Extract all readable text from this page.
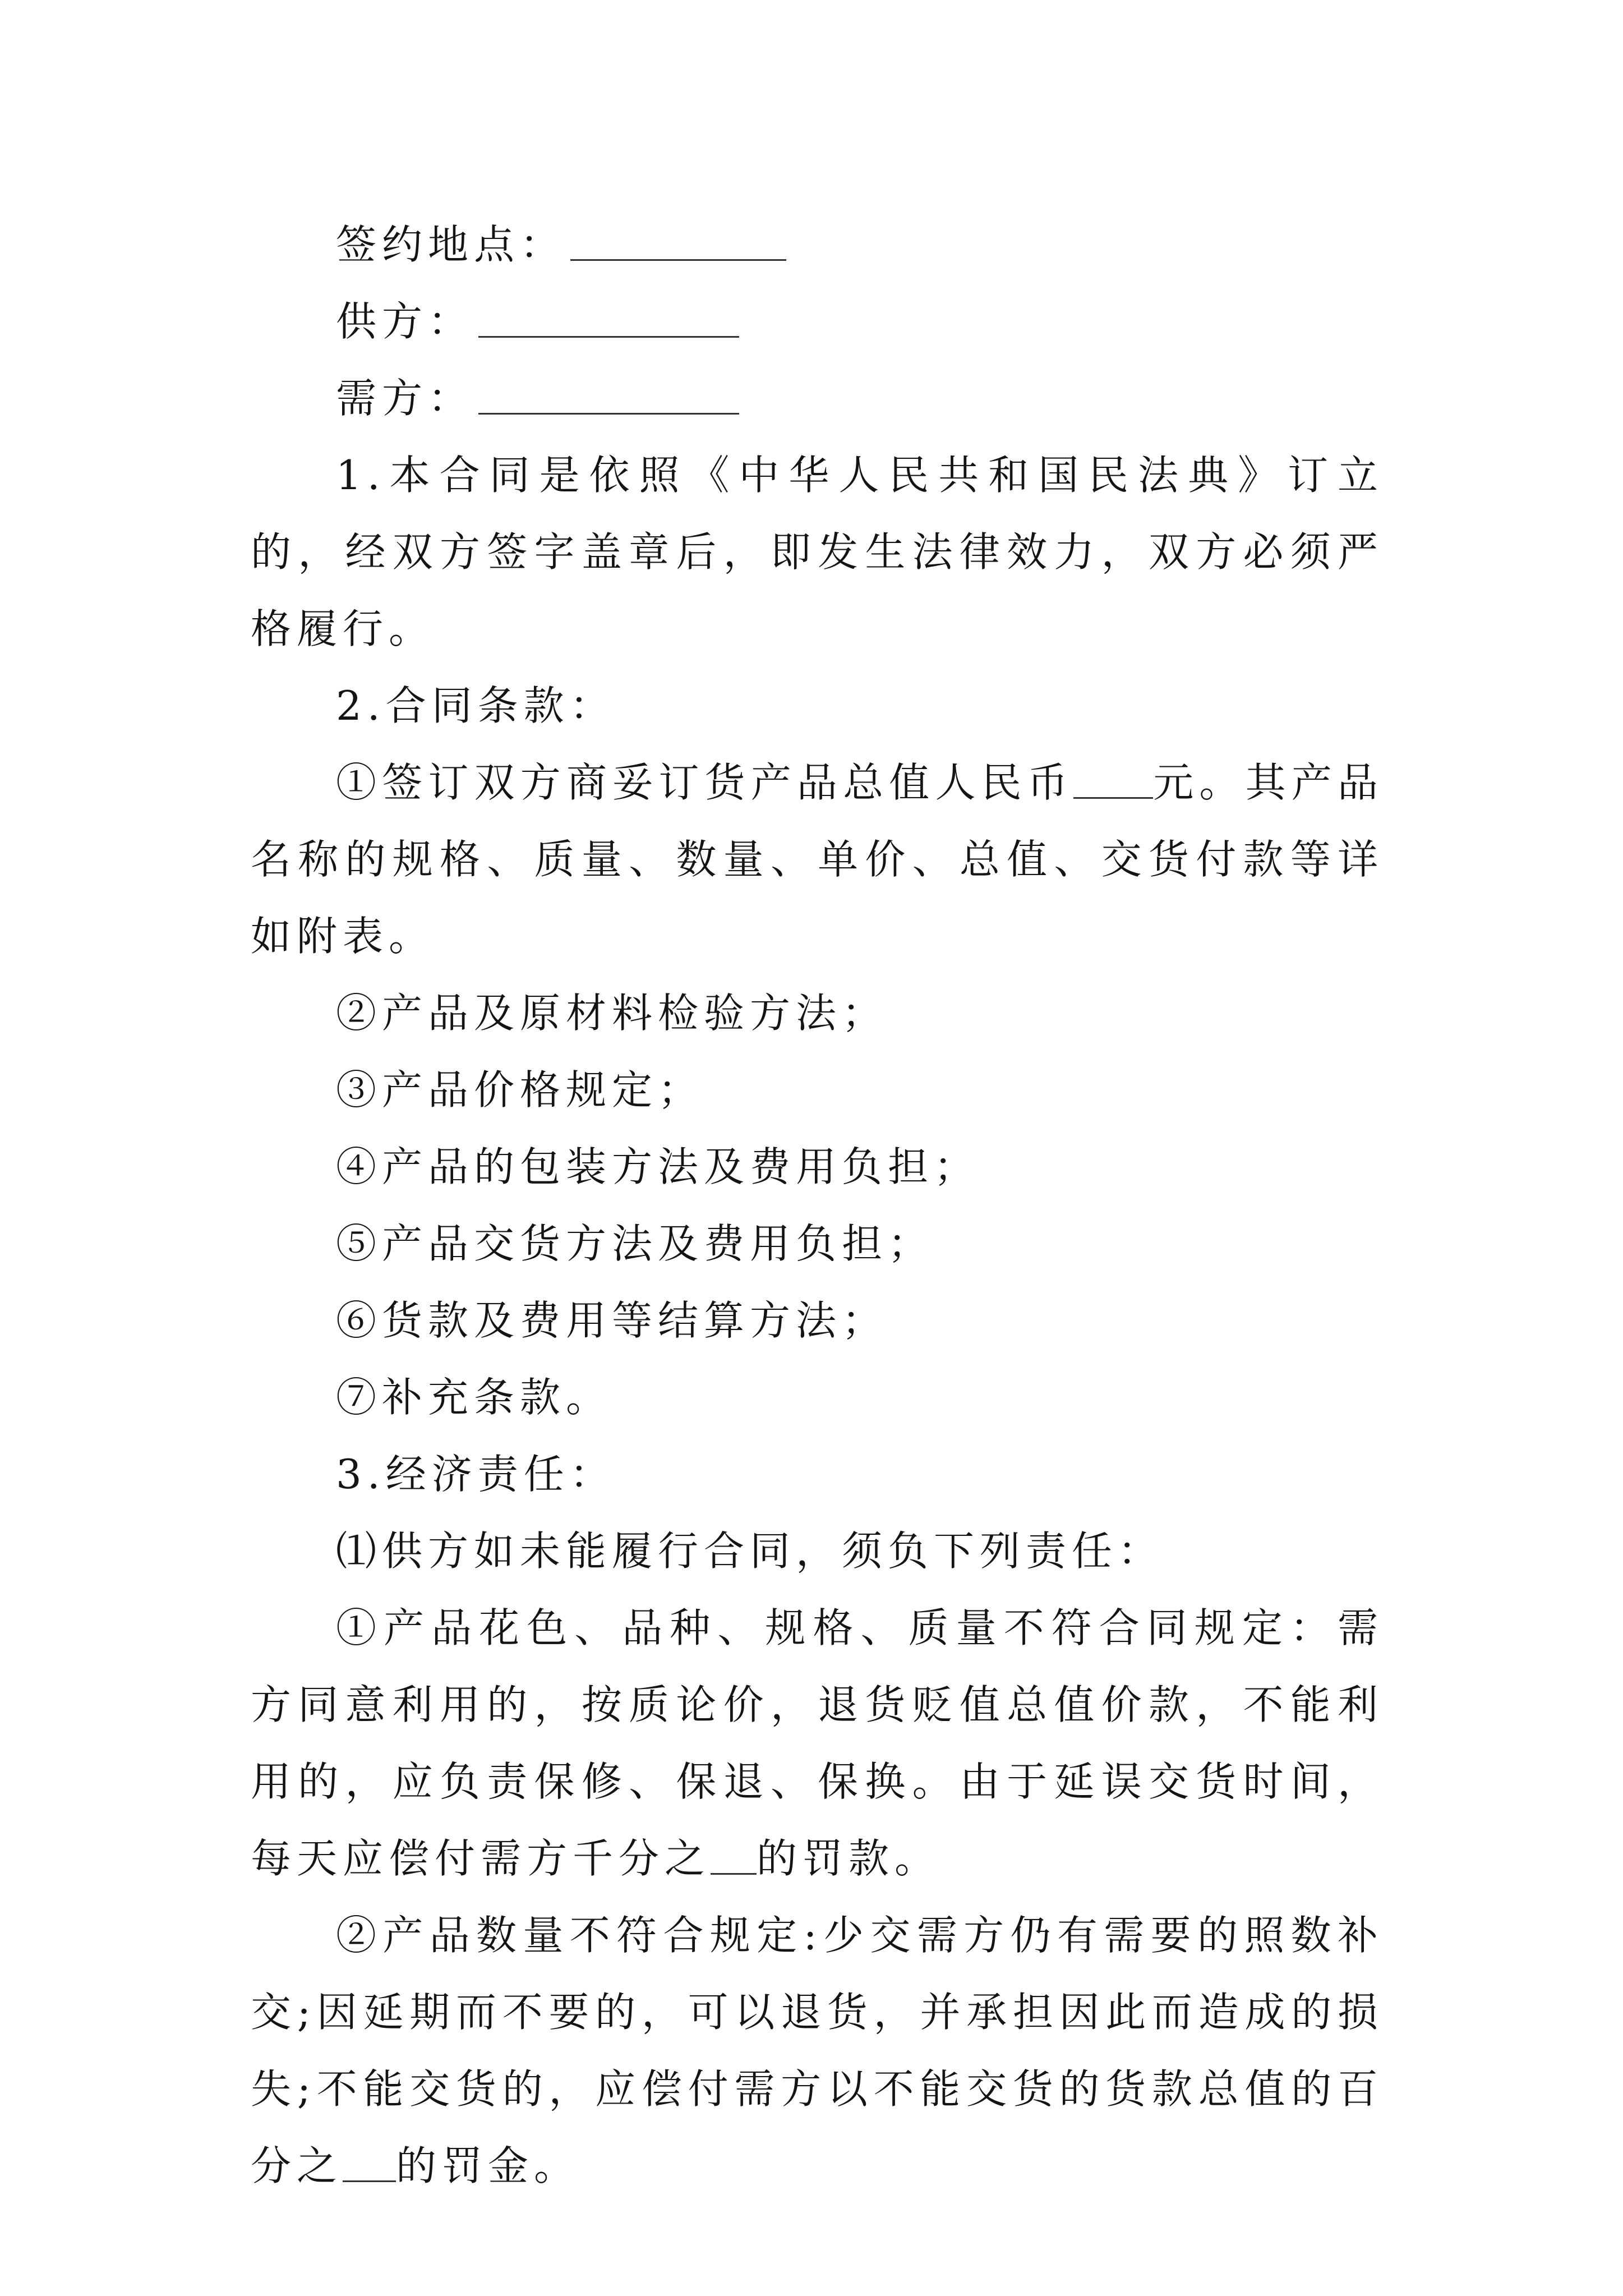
签约地点：

供方：

需方：

1.本合同是依照《中华人民共和国民法典》订立的，经双方签字盖章后，即发生法律效力，双方必须严格履行。

2.合同条款：

①签订双方商妥订货产品总值人民币 元。其产品名称的规格、质量、数量、单价、总值、交货付款等详如附表。

②产品及原材料检验方法；

③产品价格规定；

④产品的包装方法及费用负担；

⑤产品交货方法及费用负担；

⑥货款及费用等结算方法；

⑦补充条款。

3.经济责任：

⑴供方如未能履行合同，须负下列责任：

①产品花色、品种、规格、质量不符合同规定：需方同意利用的，按质论价，退货贬值总值价款，不能利用的，应负责保修、保退、保换。由于延误交货时间，每天应偿付需方千分之 的罚款。

②产品数量不符合规定:少交需方仍有需要的照数补交;因延期而不要的，可以退货，并承担因此而造成的损失;不能交货的，应偿付需方以不能交货的货款总值的百分之 的罚金。
